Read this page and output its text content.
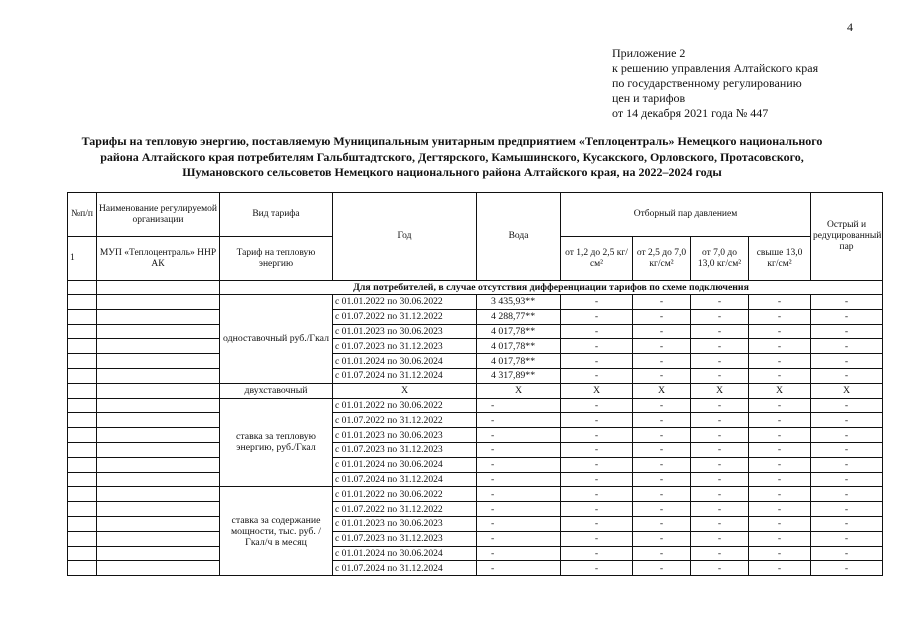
4
Приложение 2
к решению управления Алтайского края
по государственному регулированию
цен и тарифов
от 14 декабря 2021 года № 447
Тарифы на тепловую энергию, поставляемую Муниципальным унитарным предприятием «Теплоцентраль» Немецкого национального
района Алтайского края потребителям Гальбштадтского, Дегтярского, Камышинского, Кусакского, Орловского, Протасовского,
Шумановского сельсоветов Немецкого национального района Алтайского края, на 2022–2024 годы
№п/п	Наименование регулируемой организации	Вид тарифа	Год	Вода	Отборный пар давлением				Острый и редуцированный пар
1	МУП «Теплоцентраль» ННР АК	Тариф на тепловую энергию			от 1,2 до 2,5 кг/см²	от 2,5 до 7,0 кг/см²	от 7,0 до 13,0 кг/см²	свыше 13,0 кг/см²	
		Для потребителей, в случае отсутствия дифференциации тарифов по схеме подключения							
		одноставочный руб./Гкал	с 01.01.2022 по 30.06.2022	3 435,93**	-	-	-	-	-
			с 01.07.2022 по 31.12.2022	4 288,77**	-	-	-	-	-
			с 01.01.2023 по 30.06.2023	4 017,78**	-	-	-	-	-
			с 01.07.2023 по 31.12.2023	4 017,78**	-	-	-	-	-
			с 01.01.2024 по 30.06.2024	4 017,78**	-	-	-	-	-
			с 01.07.2024 по 31.12.2024	4 317,89**	-	-	-	-	-
		двухставочный	X	X	X	X	X	X	X
		ставка за тепловую энергию, руб./Гкал	с 01.01.2022 по 30.06.2022	-	-	-	-	-	-
			с 01.07.2022 по 31.12.2022	-	-	-	-	-	-
			с 01.01.2023 по 30.06.2023	-	-	-	-	-	-
			с 01.07.2023 по 31.12.2023	-	-	-	-	-	-
			с 01.01.2024 по 30.06.2024	-	-	-	-	-	-
			с 01.07.2024 по 31.12.2024	-	-	-	-	-	-
		ставка за содержание мощности, тыс. руб. /Гкал/ч в месяц	с 01.01.2022 по 30.06.2022	-	-	-	-	-	-
			с 01.07.2022 по 31.12.2022	-	-	-	-	-	-
			с 01.01.2023 по 30.06.2023	-	-	-	-	-	-
			с 01.07.2023 по 31.12.2023	-	-	-	-	-	-
			с 01.01.2024 по 30.06.2024	-	-	-	-	-	-
			с 01.07.2024 по 31.12.2024	-	-	-	-	-	-
